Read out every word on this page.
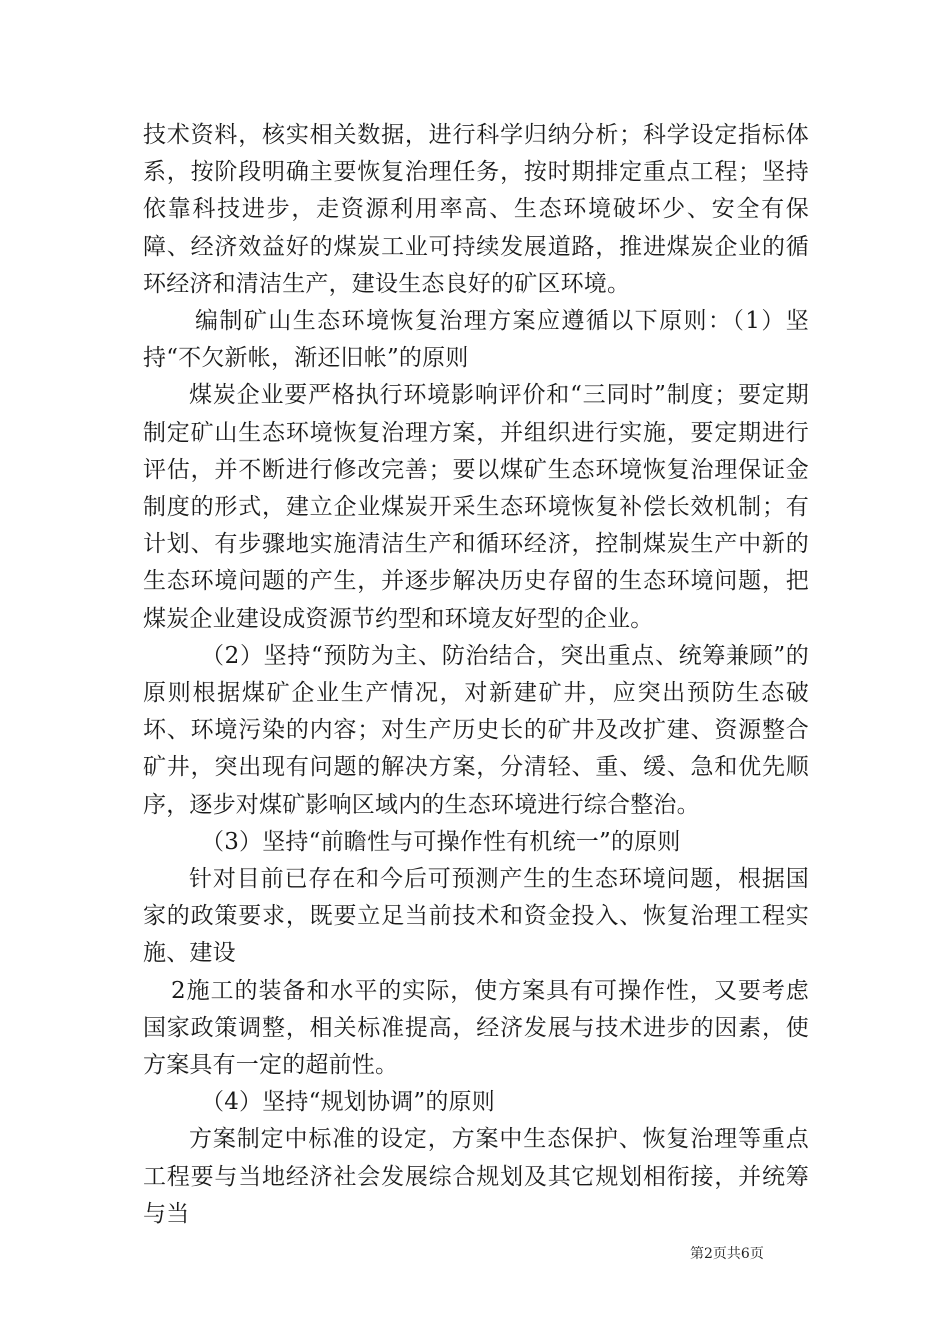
技术资料，核实相关数据，进行科学归纳分析；科学设定指标体系，按阶段明确主要恢复治理任务，按时期排定重点工程；坚持依靠科技进步，走资源利用率高、生态环境破坏少、安全有保障、经济效益好的煤炭工业可持续发展道路，推进煤炭企业的循环经济和清洁生产，建设生态良好的矿区环境。

编制矿山生态环境恢复治理方案应遵循以下原则：（1）坚持“不欠新帐，渐还旧帐”的原则

煤炭企业要严格执行环境影响评价和“三同时”制度；要定期制定矿山生态环境恢复治理方案，并组织进行实施，要定期进行评估，并不断进行修改完善；要以煤矿生态环境恢复治理保证金制度的形式，建立企业煤炭开采生态环境恢复补偿长效机制；有计划、有步骤地实施清洁生产和循环经济，控制煤炭生产中新的生态环境问题的产生，并逐步解决历史存留的生态环境问题，把煤炭企业建设成资源节约型和环境友好型的企业。

（2）坚持“预防为主、防治结合，突出重点、统筹兼顾”的原则根据煤矿企业生产情况，对新建矿井，应突出预防生态破坏、环境污染的内容；对生产历史长的矿井及改扩建、资源整合矿井，突出现有问题的解决方案，分清轻、重、缓、急和优先顺序，逐步对煤矿影响区域内的生态环境进行综合整治。

（3）坚持“前瞻性与可操作性有机统一”的原则

针对目前已存在和今后可预测产生的生态环境问题，根据国家的政策要求，既要立足当前技术和资金投入、恢复治理工程实施、建设

2施工的装备和水平的实际，使方案具有可操作性，又要考虑国家政策调整，相关标准提高，经济发展与技术进步的因素，使方案具有一定的超前性。

（4）坚持“规划协调”的原则

方案制定中标准的设定，方案中生态保护、恢复治理等重点工程要与当地经济社会发展综合规划及其它规划相衔接，并统筹与当

第2页共6页
